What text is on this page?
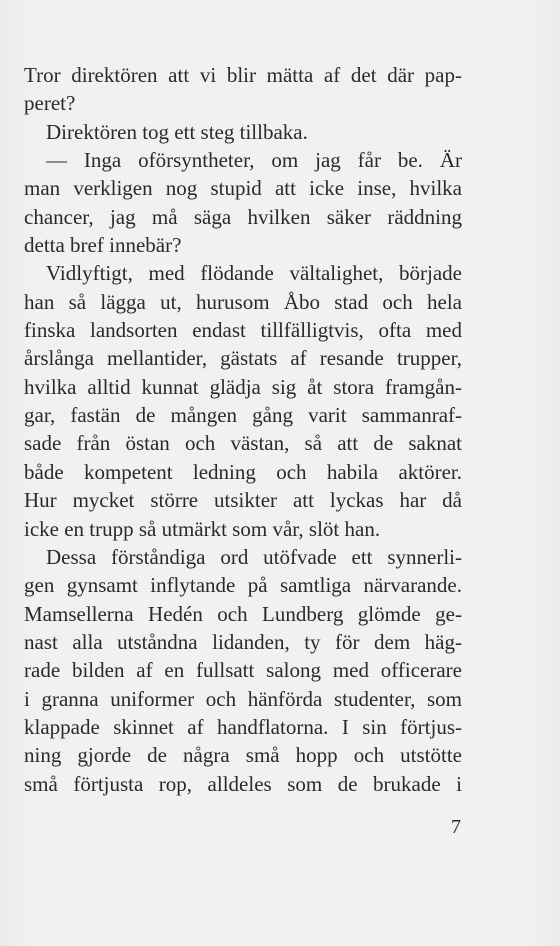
Tror direktören att vi blir mätta af det där pap-
peret?
Direktören tog ett steg tillbaka.
— Inga oförsyntheter, om jag får be. Är
man verkligen nog stupid att icke inse, hvilka
chancer, jag må säga hvilken säker räddning
detta bref innebär?
Vidlyftigt, med flödande vältalighet, började
han så lägga ut, hurusom Åbo stad och hela
finska landsorten endast tillfälligtvis, ofta med
årslånga mellantider, gästats af resande trupper,
hvilka alltid kunnat glädja sig åt stora framgån-
gar, fastän de mången gång varit sammanraf-
sade från östan och västan, så att de saknat
både kompetent ledning och habila aktörer.
Hur mycket större utsikter att lyckas har då
icke en trupp så utmärkt som vår, slöt han.
Dessa förståndiga ord utöfvade ett synnerli-
gen gynsamt inflytande på samtliga närvarande.
Mamsellerna Hedén och Lundberg glömde ge-
nast alla utståndna lidanden, ty för dem häg-
rade bilden af en fullsatt salong med officerare
i granna uniformer och hänförda studenter, som
klappade skinnet af handflatorna. I sin förtjus-
ning gjorde de några små hopp och utstötte
små förtjusta rop, alldeles som de brukade i
7
